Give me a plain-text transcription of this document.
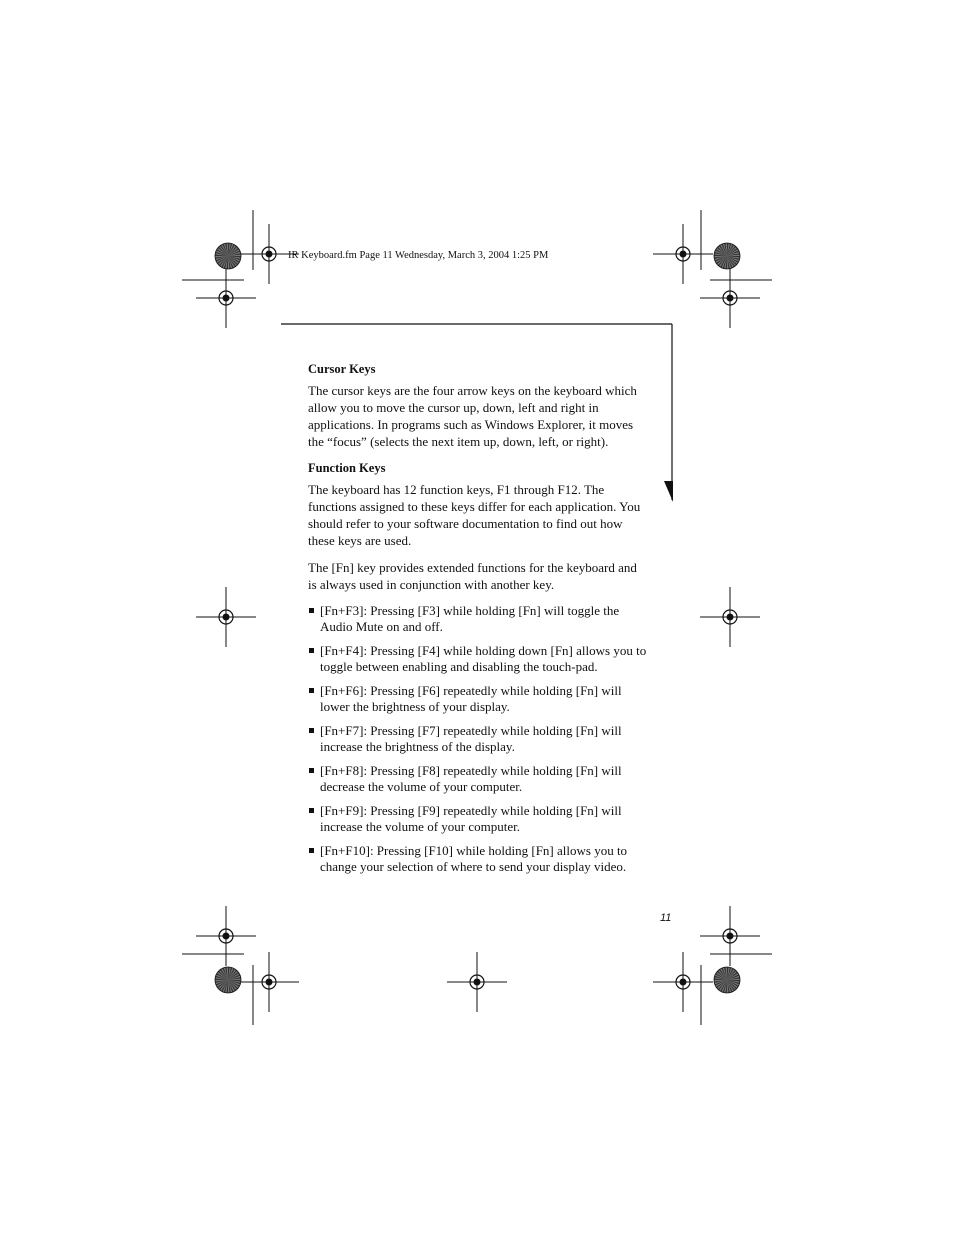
IR Keyboard.fm Page 11 Wednesday, March 3, 2004 1:25 PM
Cursor Keys

The cursor keys are the four arrow keys on the keyboard which allow you to move the cursor up, down, left and right in applications. In programs such as Windows Explorer, it moves the “focus” (selects the next item up, down, left, or right).

Function Keys

The keyboard has 12 function keys, F1 through F12. The functions assigned to these keys differ for each application. You should refer to your software documentation to find out how these keys are used.

The [Fn] key provides extended functions for the keyboard and is always used in conjunction with another key.

[Fn+F3]: Pressing [F3] while holding [Fn] will toggle the Audio Mute on and off.
[Fn+F4]: Pressing [F4] while holding down [Fn] allows you to toggle between enabling and disabling the touch-pad.
[Fn+F6]: Pressing [F6] repeatedly while holding [Fn] will lower the brightness of your display.
[Fn+F7]: Pressing [F7] repeatedly while holding [Fn] will increase the brightness of the display.
[Fn+F8]: Pressing [F8] repeatedly while holding [Fn] will decrease the volume of your computer.
[Fn+F9]: Pressing [F9] repeatedly while holding [Fn] will increase the volume of your computer.
[Fn+F10]: Pressing [F10] while holding [Fn] allows you to change your selection of where to send your display video.
11
